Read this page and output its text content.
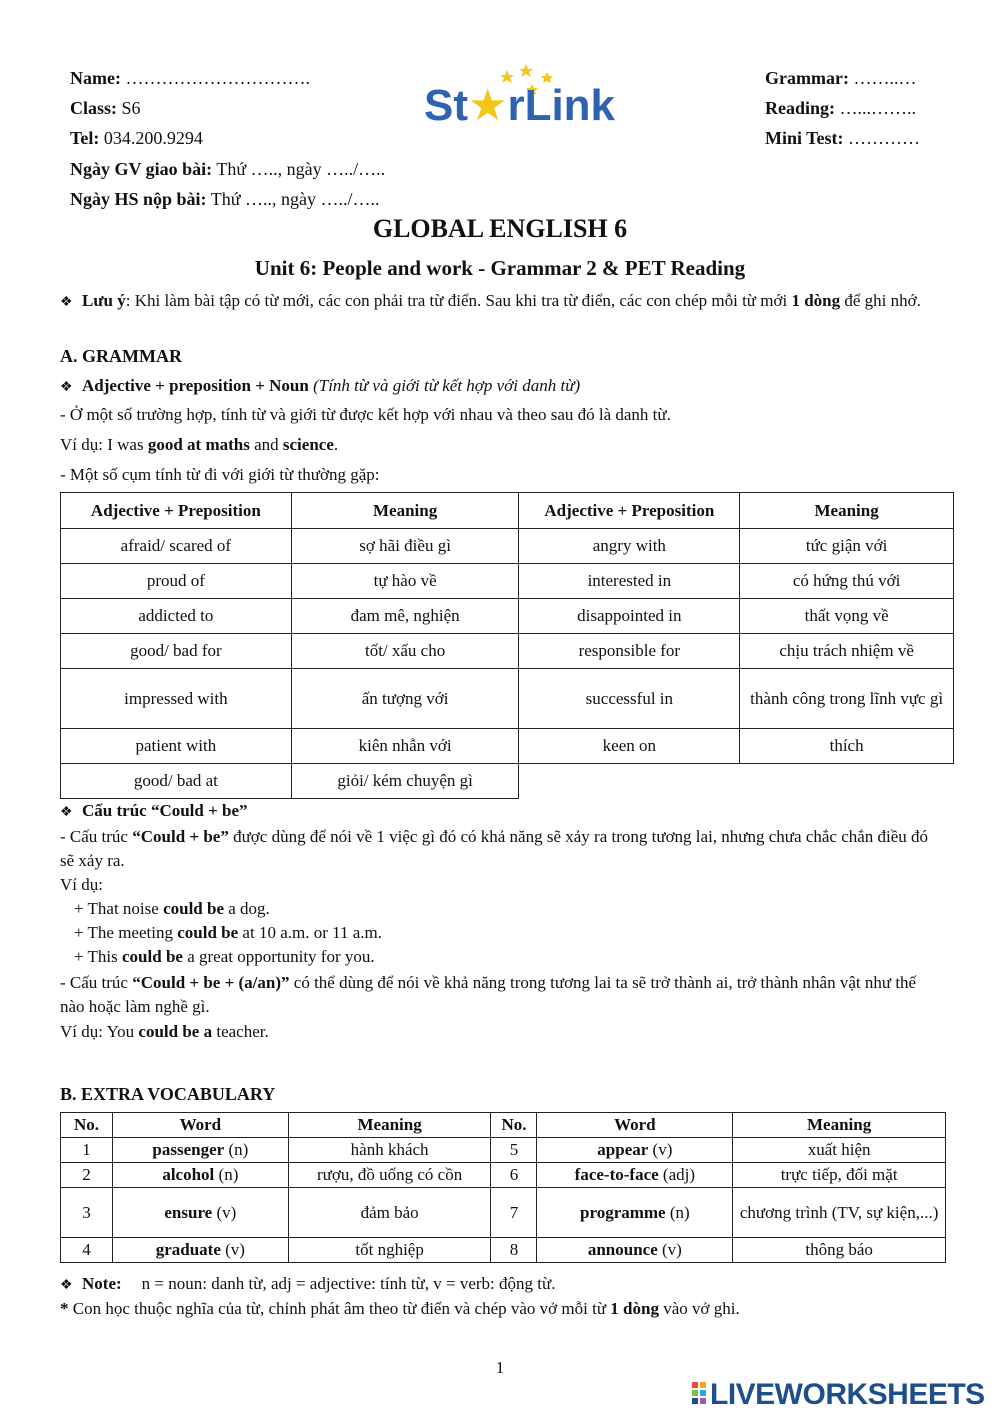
Name: ………………………….
Class: S6
Tel: 034.200.9294
Ngày GV giao bài: Thứ ….., ngày …../…..
Ngày HS nộp bài: Thứ ….., ngày …../…..
Grammar: ……..…
Reading: …...……..
Mini Test: …………
St★rLink
GLOBAL ENGLISH 6
Unit 6: People and work - Grammar 2 & PET Reading
❖ Lưu ý: Khi làm bài tập có từ mới, các con phải tra từ điển. Sau khi tra từ điển, các con chép mỗi từ mới 1 dòng để ghi nhớ.
A. GRAMMAR
❖ Adjective + preposition + Noun (Tính từ và giới từ kết hợp với danh từ)
- Ở một số trường hợp, tính từ và giới từ được kết hợp với nhau và theo sau đó là danh từ.
Ví dụ: I was good at maths and science.
- Một số cụm tính từ đi với giới từ thường gặp:
Adjective + Preposition	Meaning	Adjective + Preposition	Meaning
afraid/ scared of	sợ hãi điều gì	angry with	tức giận với
proud of	tự hào về	interested in	có hứng thú với
addicted to	đam mê, nghiện	disappointed in	thất vọng về
good/ bad for	tốt/ xấu cho	responsible for	chịu trách nhiệm về
impressed with	ấn tượng với	successful in	thành công trong lĩnh vực gì
patient with	kiên nhẫn với	keen on	thích
good/ bad at	giỏi/ kém chuyện gì		
❖ Cấu trúc “Could + be”
- Cấu trúc “Could + be” được dùng để nói về 1 việc gì đó có khả năng sẽ xảy ra trong tương lai, nhưng chưa chắc chắn điều đó sẽ xảy ra.
Ví dụ:
+ That noise could be a dog.
+ The meeting could be at 10 a.m. or 11 a.m.
+ This could be a great opportunity for you.
- Cấu trúc “Could + be + (a/an)” có thể dùng để nói về khả năng trong tương lai ta sẽ trở thành ai, trở thành nhân vật như thế nào hoặc làm nghề gì.
Ví dụ: You could be a teacher.
B. EXTRA VOCABULARY
No.	Word	Meaning	No.	Word	Meaning
1	passenger (n)	hành khách	5	appear (v)	xuất hiện
2	alcohol (n)	rượu, đồ uống có cồn	6	face-to-face (adj)	trực tiếp, đối mặt
3	ensure (v)	đảm bảo	7	programme (n)	chương trình (TV, sự kiện,...)
4	graduate (v)	tốt nghiệp	8	announce (v)	thông báo
❖ Note: n = noun: danh từ, adj = adjective: tính từ, v = verb: động từ.
* Con học thuộc nghĩa của từ, chỉnh phát âm theo từ điển và chép vào vở mỗi từ 1 dòng vào vở ghi.
1
LIVEWORKSHEETS
